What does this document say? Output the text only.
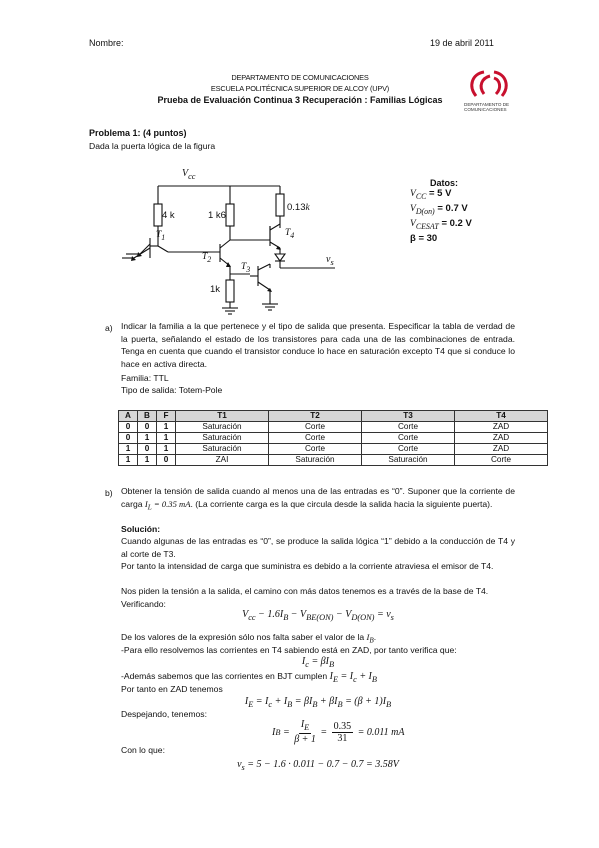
Nombre:	19 de abril 2011
DEPARTAMENTO DE COMUNICACIONES
ESCUELA POLITÉCNICA SUPERIOR DE ALCOY (UPV)
Prueba de Evaluación Continua 3 Recuperación : Familias Lógicas	DEPARTAMENTO DE
COMUNICACIONES
Problema 1: (4 puntos)
Dada la puerta lógica de la figura
$V_{cc}$
4 k	1 k6
0.13k
1k
$T_1$
$T_2$
$T_3$
$T_4$
$v_s$
Datos:
$V_{CC} = 5$ V
$V_{D(on)} = 0.7$ V
$V_{CESAT} = 0.2$ V
β = 30
a) Indicar la familia a la que pertenece y el tipo de salida que presenta. Especificar la tabla de verdad de la puerta, señalando el estado de los transistores para cada una de las combinaciones de entrada. Tenga en cuenta que cuando el transistor conduce lo hace en saturación excepto T4 que si conduce lo hace en activa directa.
Familia: TTL
Tipo de salida: Totem-Pole
A	B	F	T1	T2	T3	T4
0	0	1	Saturación	Corte	Corte	ZAD
0	1	1	Saturación	Corte	Corte	ZAD
1	0	1	Saturación	Corte	Corte	ZAD
1	1	0	ZAI	Saturación	Saturación	Corte
b) Obtener la tensión de salida cuando al menos una de las entradas es “0”. Suponer que la corriente de carga $I_L = 0.35$ mA. (La corriente carga es la que circula desde la salida hacia la siguiente puerta).
Solución:
Cuando algunas de las entradas es “0”, se produce la salida lógica “1” debido a la conducción de T4 y al corte de T3.
Por tanto la intensidad de carga que suministra es debido a la corriente atraviesa el emisor de T4.
Nos piden la tensión a la salida, el camino con más datos tenemos es a través de la base de T4.
Verificando:
$V_{cc} - 1.6I_B - V_{BE(ON)} - V_{D(ON)} = v_s$
De los valores de la expresión sólo nos falta saber el valor de la $I_B$.
-Para ello resolvemos las corrientes en T4 sabiendo está en ZAD, por tanto verifica que:
$I_c = \beta I_B$
-Además sabemos que las corrientes en BJT cumplen $I_E = I_c + I_B$
Por tanto en ZAD tenemos
$I_E = I_c + I_B = \beta I_B + \beta I_B = (\beta + 1)I_B$
Despejando, tenemos:
I $B = \frac{I_E}{\beta + 1} = \frac{0.35}{31} = 0.011$ mA
Con lo que:
$v_s = 5 - 1.6 \cdot 0.011 - 0.7 - 0.7 = 3.58V$
